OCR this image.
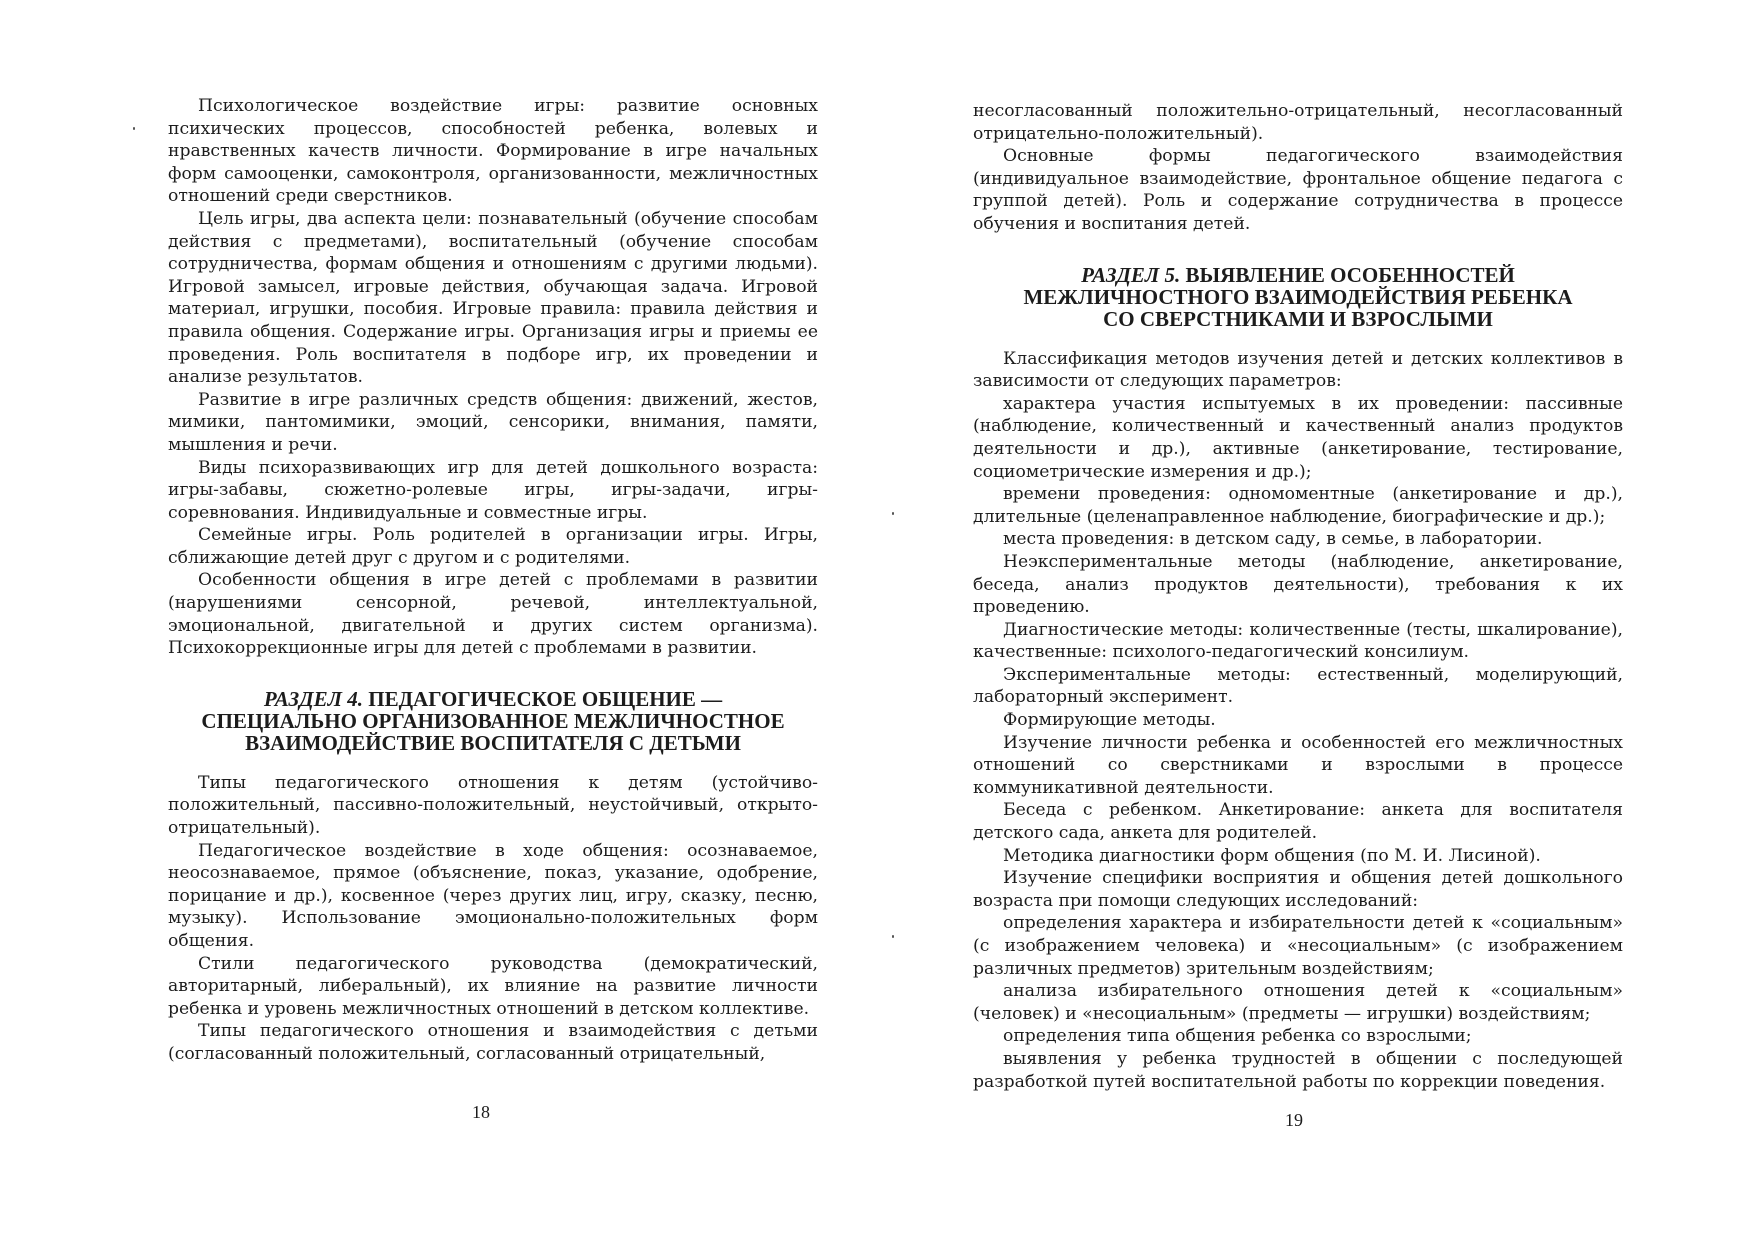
Психологическое воздействие игры: развитие основных психических процессов, способностей ребенка, волевых и нравственных качеств личности. Формирование в игре начальных форм самооценки, самоконтроля, организованности, межличностных отношений среди сверстников.

Цель игры, два аспекта цели: познавательный (обучение способам действия с предметами), воспитательный (обучение способам сотрудничества, формам общения и отношениям с другими людьми). Игровой замысел, игровые действия, обучающая задача. Игровой материал, игрушки, пособия. Игровые правила: правила действия и правила общения. Содержание игры. Организация игры и приемы ее проведения. Роль воспитателя в подборе игр, их проведении и анализе результатов.

Развитие в игре различных средств общения: движений, жестов, мимики, пантомимики, эмоций, сенсорики, внимания, памяти, мышления и речи.

Виды психоразвивающих игр для детей дошкольного возраста: игры-забавы, сюжетно-ролевые игры, игры-задачи, игры-соревнования. Индивидуальные и совместные игры.

Семейные игры. Роль родителей в организации игры. Игры, сближающие детей друг с другом и с родителями.

Особенности общения в игре детей с проблемами в развитии (нарушениями сенсорной, речевой, интеллектуальной, эмоциональной, двигательной и других систем организма). Психокоррекционные игры для детей с проблемами в развитии.

РАЗДЕЛ 4. ПЕДАГОГИЧЕСКОЕ ОБЩЕНИЕ —
СПЕЦИАЛЬНО ОРГАНИЗОВАННОЕ МЕЖЛИЧНОСТНОЕ
ВЗАИМОДЕЙСТВИЕ ВОСПИТАТЕЛЯ С ДЕТЬМИ

Типы педагогического отношения к детям (устойчиво-положительный, пассивно-положительный, неустойчивый, открыто-отрицательный).

Педагогическое воздействие в ходе общения: осознаваемое, неосознаваемое, прямое (объяснение, показ, указание, одобрение, порицание и др.), косвенное (через других лиц, игру, сказку, песню, музыку). Использование эмоционально-положительных форм общения.

Стили педагогического руководства (демократический, авторитарный, либеральный), их влияние на развитие личности ребенка и уровень межличностных отношений в детском коллективе.

Типы педагогического отношения и взаимодействия с детьми (согласованный положительный, согласованный отрицательный,

18

несогласованный положительно-отрицательный, несогласованный отрицательно-положительный).

Основные формы педагогического взаимодействия (индивидуальное взаимодействие, фронтальное общение педагога с группой детей). Роль и содержание сотрудничества в процессе обучения и воспитания детей.

РАЗДЕЛ 5. ВЫЯВЛЕНИЕ ОСОБЕННОСТЕЙ
МЕЖЛИЧНОСТНОГО ВЗАИМОДЕЙСТВИЯ РЕБЕНКА
СО СВЕРСТНИКАМИ И ВЗРОСЛЫМИ

Классификация методов изучения детей и детских коллективов в зависимости от следующих параметров:

характера участия испытуемых в их проведении: пассивные (наблюдение, количественный и качественный анализ продуктов деятельности и др.), активные (анкетирование, тестирование, социометрические измерения и др.);

времени проведения: одномоментные (анкетирование и др.), длительные (целенаправленное наблюдение, биографические и др.);

места проведения: в детском саду, в семье, в лаборатории.

Неэкспериментальные методы (наблюдение, анкетирование, беседа, анализ продуктов деятельности), требования к их проведению.

Диагностические методы: количественные (тесты, шкалирование), качественные: психолого-педагогический консилиум.

Экспериментальные методы: естественный, моделирующий, лабораторный эксперимент.

Формирующие методы.

Изучение личности ребенка и особенностей его межличностных отношений со сверстниками и взрослыми в процессе коммуникативной деятельности.

Беседа с ребенком. Анкетирование: анкета для воспитателя детского сада, анкета для родителей.

Методика диагностики форм общения (по М. И. Лисиной).

Изучение специфики восприятия и общения детей дошкольного возраста при помощи следующих исследований:

определения характера и избирательности детей к «социальным» (с изображением человека) и «несоциальным» (с изображением различных предметов) зрительным воздействиям;

анализа избирательного отношения детей к «социальным» (человек) и «несоциальным» (предметы — игрушки) воздействиям;

определения типа общения ребенка со взрослыми;

выявления у ребенка трудностей в общении с последующей разработкой путей воспитательной работы по коррекции поведения.

19
